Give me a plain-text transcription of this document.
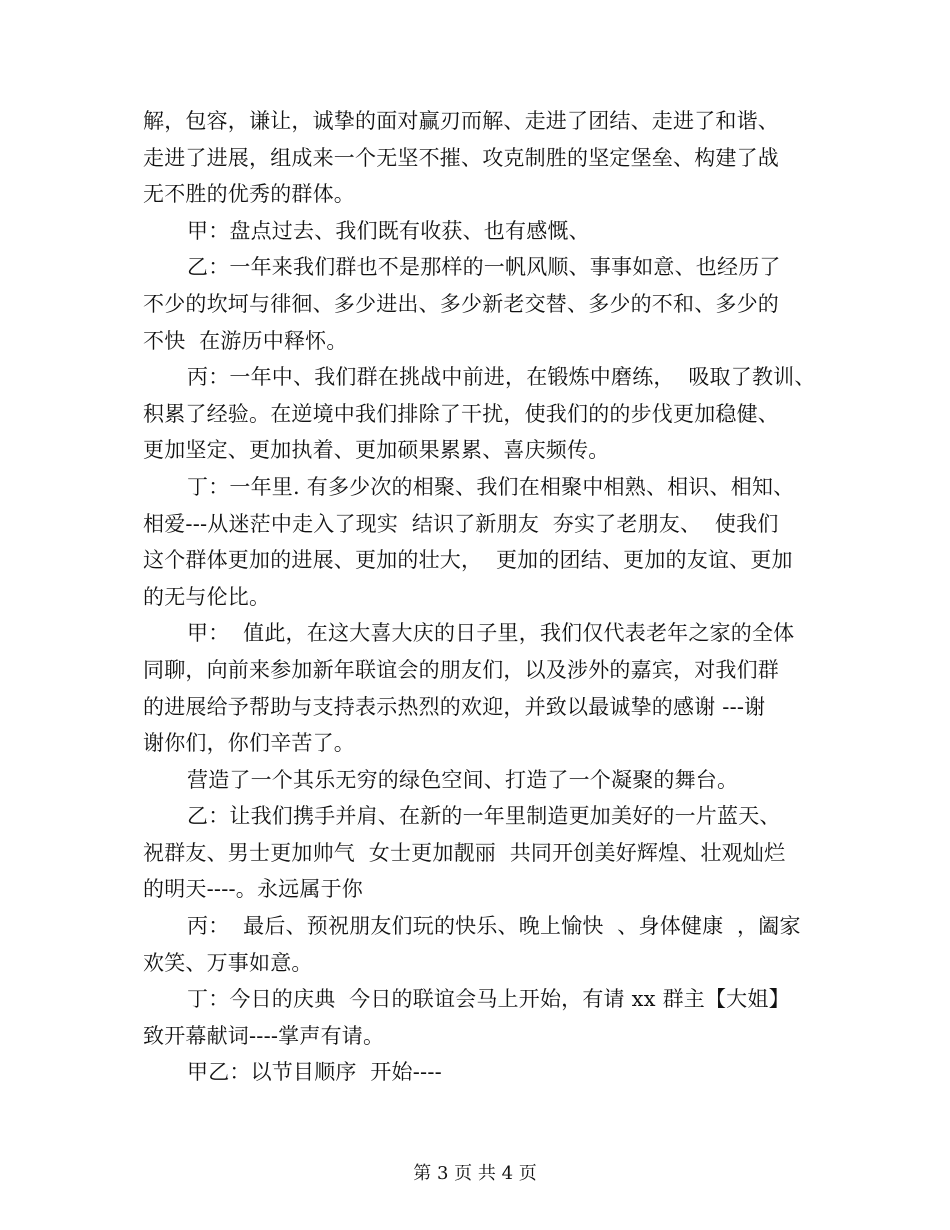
解，包容，谦让，诚挚的面对赢刃而解、走进了团结、走进了和谐、
走进了进展，组成来一个无坚不摧、攻克制胜的坚定堡垒、构建了战
无不胜的优秀的群体。
甲：盘点过去、我们既有收获、也有感慨、
乙：一年来我们群也不是那样的一帆风顺、事事如意、也经历了
不少的坎坷与徘徊、多少进出、多少新老交替、多少的不和、多少的
不快  在游历中释怀。
丙：一年中、我们群在挑战中前进，在锻炼中磨练，  吸取了教训、
积累了经验。在逆境中我们排除了干扰，使我们的的步伐更加稳健、
更加坚定、更加执着、更加硕果累累、喜庆频传。
丁：一年里. 有多少次的相聚、我们在相聚中相熟、相识、相知、
相爱---从迷茫中走入了现实  结识了新朋友  夯实了老朋友、  使我们
这个群体更加的进展、更加的壮大，  更加的团结、更加的友谊、更加
的无与伦比。
甲：  值此，在这大喜大庆的日子里，我们仅代表老年之家的全体
同聊，向前来参加新年联谊会的朋友们，以及涉外的嘉宾，对我们群
的进展给予帮助与支持表示热烈的欢迎，并致以最诚挚的感谢 ---谢
谢你们，你们辛苦了。
营造了一个其乐无穷的绿色空间、打造了一个凝聚的舞台。
乙：让我们携手并肩、在新的一年里制造更加美好的一片蓝天、
祝群友、男士更加帅气  女士更加靓丽  共同开创美好辉煌、壮观灿烂
的明天----。永远属于你
丙：  最后、预祝朋友们玩的快乐、晚上愉快  、身体健康  ，阖家
欢笑、万事如意。
丁：今日的庆典  今日的联谊会马上开始，有请 xx 群主【大姐】
致开幕献词----掌声有请。
甲乙：以节目顺序  开始----
第 3 页 共 4 页
